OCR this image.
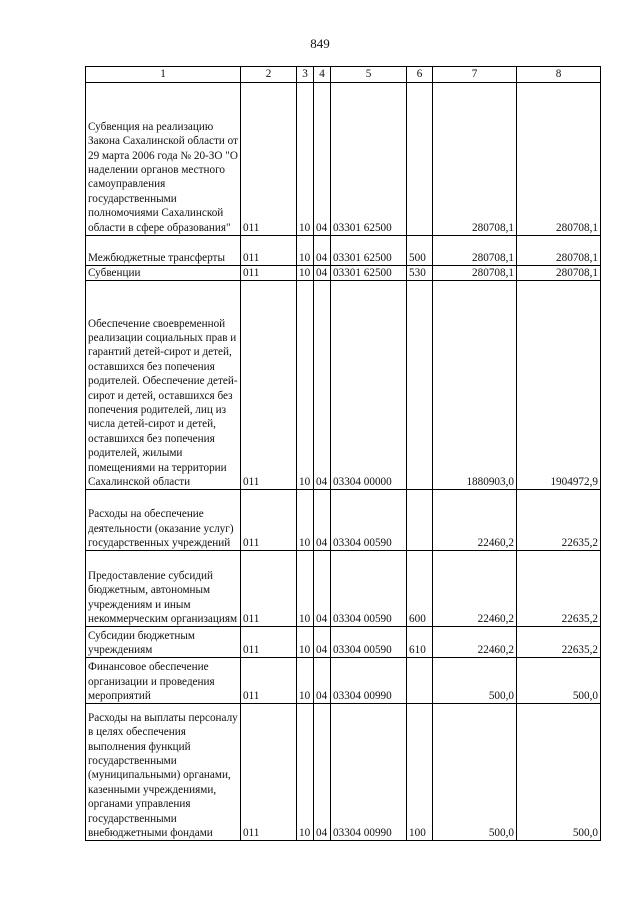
849
1	2	3	4	5	6	7	8
Субвенция на реализацию Закона Сахалинской области от 29 марта 2006 года № 20-ЗО "О наделении органов местного самоуправления государственными полномочиями Сахалинской области в сфере образования"	011	10	04	03301 62500		280708,1	280708,1
Межбюджетные трансферты	011	10	04	03301 62500	500	280708,1	280708,1
Субвенции	011	10	04	03301 62500	530	280708,1	280708,1
Обеспечение своевременной реализации социальных прав и гарантий детей-сирот и детей, оставшихся без попечения родителей. Обеспечение детей-сирот и детей, оставшихся без попечения родителей, лиц из числа детей-сирот и детей, оставшихся без попечения родителей, жилыми помещениями на территории Сахалинской области	011	10	04	03304 00000		1880903,0	1904972,9
Расходы на обеспечение деятельности (оказание услуг) государственных учреждений	011	10	04	03304 00590		22460,2	22635,2
Предоставление субсидий бюджетным, автономным учреждениям и иным некоммерческим организациям	011	10	04	03304 00590	600	22460,2	22635,2
Субсидии бюджетным учреждениям	011	10	04	03304 00590	610	22460,2	22635,2
Финансовое обеспечение организации и проведения мероприятий	011	10	04	03304 00990		500,0	500,0
Расходы на выплаты персоналу в целях обеспечения выполнения функций государственными (муниципальными) органами, казенными учреждениями, органами управления государственными внебюджетными фондами	011	10	04	03304 00990	100	500,0	500,0
